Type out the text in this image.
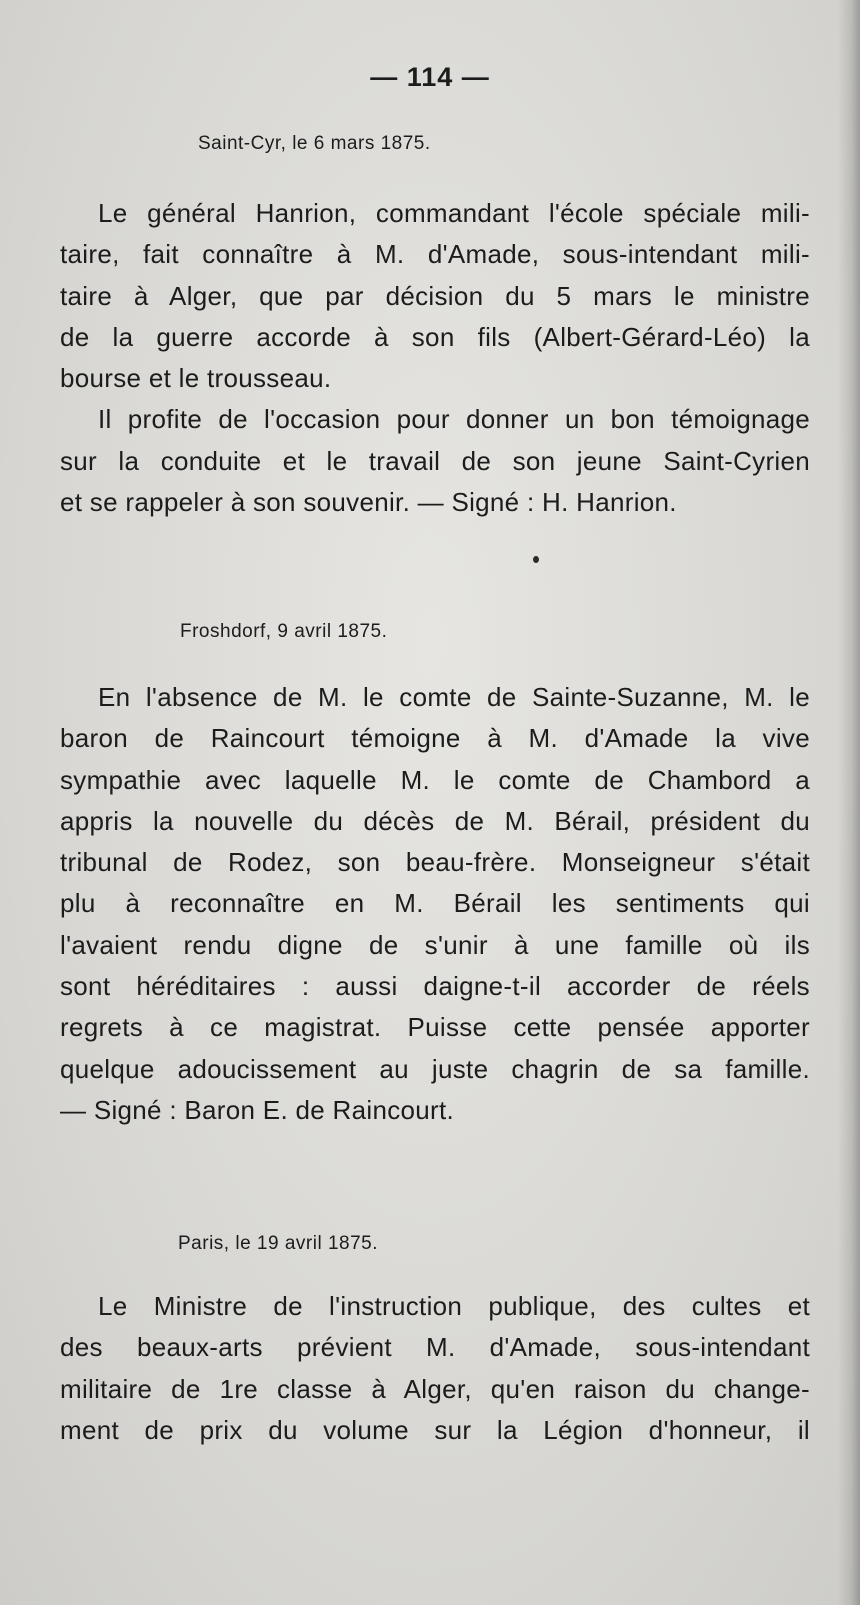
— 114 —
Saint-Cyr, le 6 mars 1875.

Le général Hanrion, commandant l'école spéciale mili-
taire, fait connaître à M. d'Amade, sous-intendant mili-
taire à Alger, que par décision du 5 mars le ministre
de la guerre accorde à son fils (Albert-Gérard-Léo) la
bourse et le trousseau.

Il profite de l'occasion pour donner un bon témoignage
sur la conduite et le travail de son jeune Saint-Cyrien
et se rappeler à son souvenir. — Signé : H. Hanrion.

Froshdorf, 9 avril 1875.

En l'absence de M. le comte de Sainte-Suzanne, M. le
baron de Raincourt témoigne à M. d'Amade la vive
sympathie avec laquelle M. le comte de Chambord a
appris la nouvelle du décès de M. Bérail, président du
tribunal de Rodez, son beau-frère. Monseigneur s'était
plu à reconnaître en M. Bérail les sentiments qui
l'avaient rendu digne de s'unir à une famille où ils
sont héréditaires : aussi daigne-t-il accorder de réels
regrets à ce magistrat. Puisse cette pensée apporter
quelque adoucissement au juste chagrin de sa famille.
— Signé : Baron E. de Raincourt.

Paris, le 19 avril 1875.

Le Ministre de l'instruction publique, des cultes et
des beaux-arts prévient M. d'Amade, sous-intendant
militaire de 1re classe à Alger, qu'en raison du change-
ment de prix du volume sur la Légion d'honneur, il
